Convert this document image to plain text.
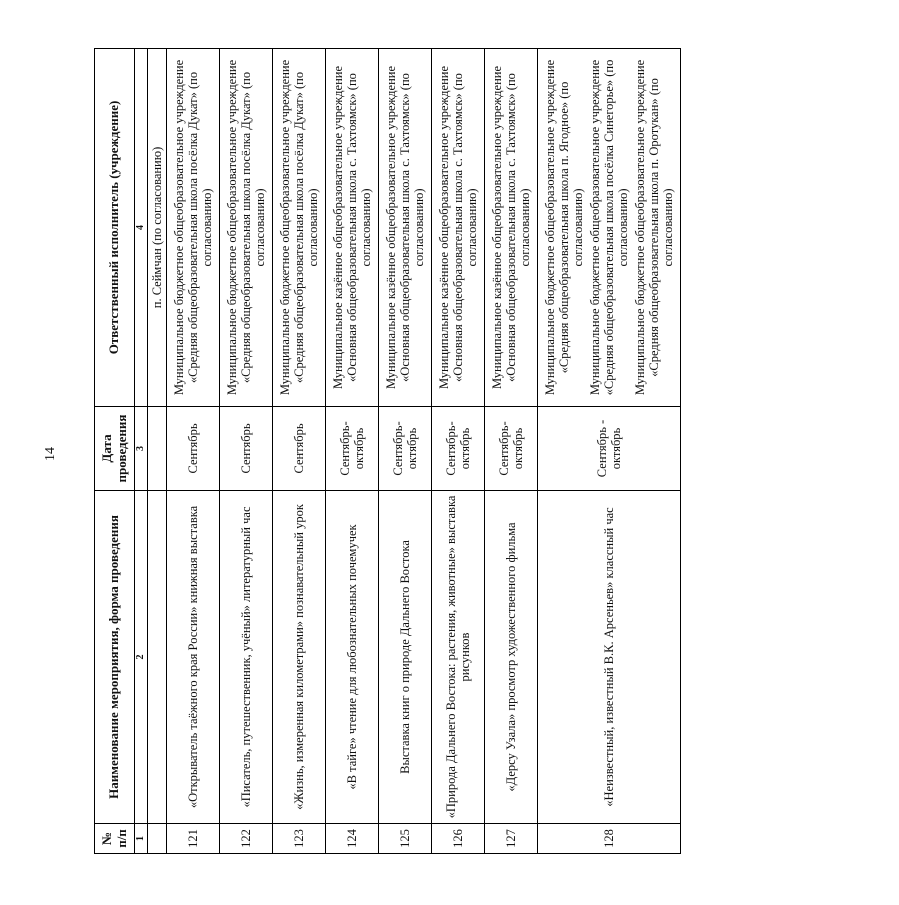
14
№ п/п	Наименование мероприятия, форма проведения	Дата проведения	Ответственный исполнитель (учреждение)
1	2	3	4
			п. Сеймчан (по согласованию)
121	«Открыватель таёжного края России» книжная выставка	Сентябрь	Муниципальное бюджетное общеобразовательное учреждение «Средняя общеобразовательная школа посёлка Дукат» (по согласованию)

122	«Писатель, путешественник, учёный» литературный час	Сентябрь	Муниципальное бюджетное общеобразовательное учреждение «Средняя общеобразовательная школа посёлка Дукат» (по согласованию)

123	«Жизнь, измеренная километрами» познавательный урок	Сентябрь	Муниципальное бюджетное общеобразовательное учреждение «Средняя общеобразовательная школа посёлка Дукат» (по согласованию)

124	«В тайге» чтение для любознательных почемучек	Сентябрь-октябрь	Муниципальное казённое общеобразовательное учреждение «Основная общеобразовательная школа с. Тахтоямск» (по согласованию)

125	Выставка книг о природе Дальнего Востока	Сентябрь- октябрь	Муниципальное казённое общеобразовательное учреждение «Основная общеобразовательная школа с. Тахтоямск» (по согласованию)

126	«Природа Дальнего Востока: растения, животные» выставка рисунков	Сентябрь- октябрь	Муниципальное казённое общеобразовательное учреждение «Основная общеобразовательная школа с. Тахтоямск» (по согласованию)

127	«Дерсу Узала» просмотр художественного фильма	Сентябрь- октябрь	Муниципальное казённое общеобразовательное учреждение «Основная общеобразовательная школа с. Тахтоямск» (по согласованию)

128	«Неизвестный, известный В.К. Арсеньев» классный час	Сентябрь - октябрь	Муниципальное бюджетное общеобразовательное учреждение «Средняя общеобразовательная школа п. Ягодное» (по согласованию) Муниципальное бюджетное общеобразовательное учреждение «Средняя общеобразовательная школа посёлка Синегорье» (по согласованию) Муниципальное бюджетное общеобразовательное учреждение «Средняя общеобразовательная школа п. Оротукан» (по согласованию)
